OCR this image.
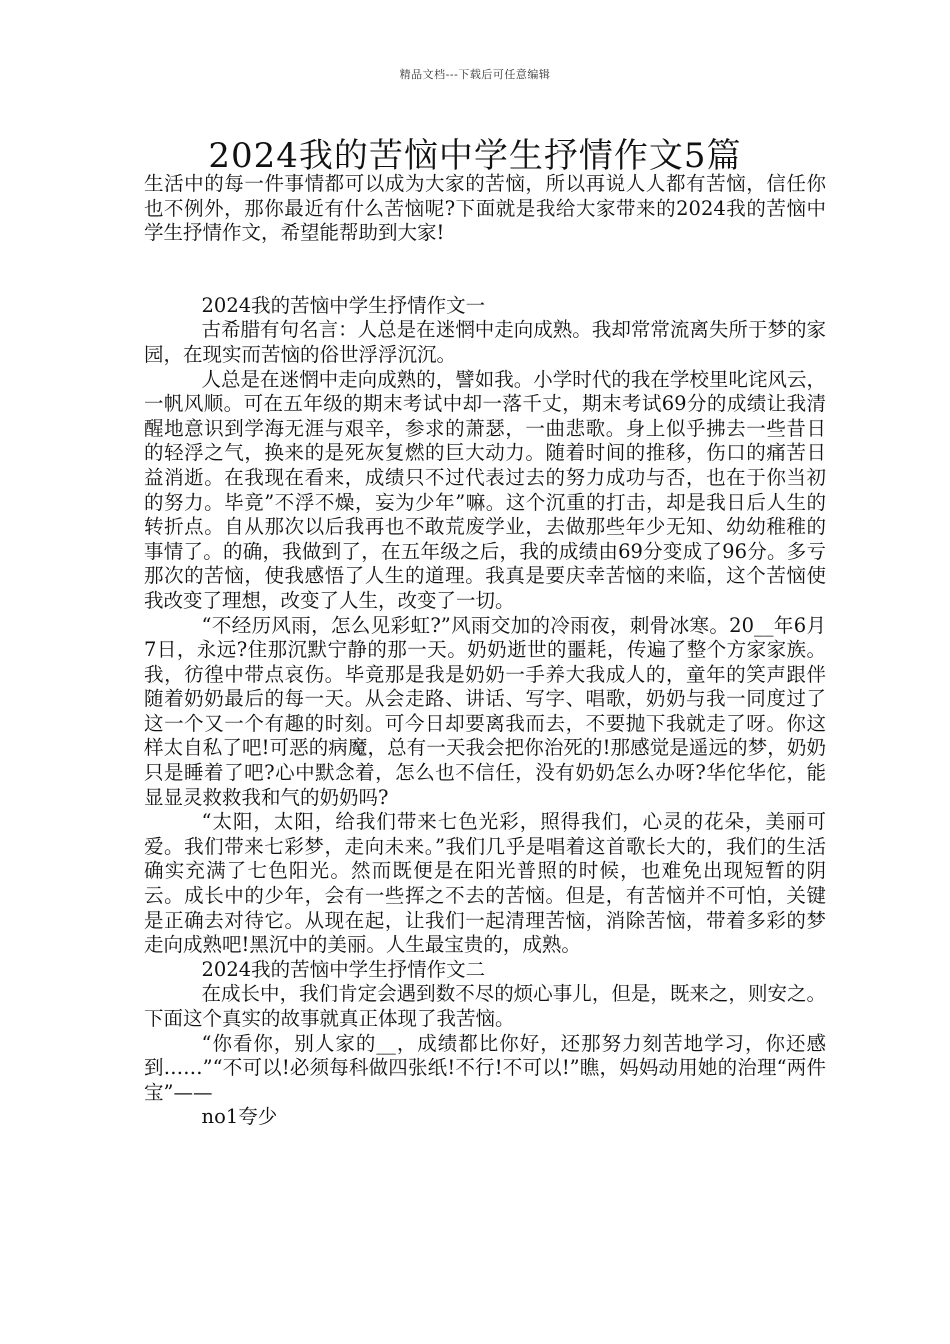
精品文档---下载后可任意编辑
2024我的苦恼中学生抒情作文5篇

生活中的每一件事情都可以成为大家的苦恼，所以再说人人都有苦恼，信任你也不例外，那你最近有什么苦恼呢?下面就是我给大家带来的2024我的苦恼中学生抒情作文，希望能帮助到大家!

2024我的苦恼中学生抒情作文一

古希腊有句名言：人总是在迷惘中走向成熟。我却常常流离失所于梦的家园，在现实而苦恼的俗世浮浮沉沉。

人总是在迷惘中走向成熟的，譬如我。小学时代的我在学校里叱诧风云，一帆风顺。可在五年级的期末考试中却一落千丈，期末考试69分的成绩让我清醒地意识到学海无涯与艰辛，参求的萧瑟，一曲悲歌。身上似乎拂去一些昔日的轻浮之气，换来的是死灰复燃的巨大动力。随着时间的推移，伤口的痛苦日益消逝。在我现在看来，成绩只不过代表过去的努力成功与否，也在于你当初的努力。毕竟”不浮不燥，妄为少年”嘛。这个沉重的打击，却是我日后人生的转折点。自从那次以后我再也不敢荒废学业，去做那些年少无知、幼幼稚稚的事情了。的确，我做到了，在五年级之后，我的成绩由69分变成了96分。多亏那次的苦恼，使我感悟了人生的道理。我真是要庆幸苦恼的来临，这个苦恼使我改变了理想，改变了人生，改变了一切。

“不经历风雨，怎么见彩虹?”风雨交加的冷雨夜，刺骨冰寒。20__年6月7日，永远?住那沉默宁静的那一天。奶奶逝世的噩耗，传遍了整个方家家族。我，彷徨中带点哀伤。毕竟那是我是奶奶一手养大我成人的，童年的笑声跟伴随着奶奶最后的每一天。从会走路、讲话、写字、唱歌，奶奶与我一同度过了这一个又一个有趣的时刻。可今日却要离我而去，不要抛下我就走了呀。你这样太自私了吧!可恶的病魔，总有一天我会把你治死的!那感觉是遥远的梦，奶奶只是睡着了吧?心中默念着，怎么也不信任，没有奶奶怎么办呀?华佗华佗，能显显灵救救我和气的奶奶吗?

“太阳，太阳，给我们带来七色光彩，照得我们，心灵的花朵，美丽可爱。我们带来七彩梦，走向未来。”我们几乎是唱着这首歌长大的，我们的生活确实充满了七色阳光。然而既便是在阳光普照的时候，也难免出现短暂的阴云。成长中的少年，会有一些挥之不去的苦恼。但是，有苦恼并不可怕，关键是正确去对待它。从现在起，让我们一起清理苦恼，消除苦恼，带着多彩的梦走向成熟吧!黑沉中的美丽。人生最宝贵的，成熟。

2024我的苦恼中学生抒情作文二

在成长中，我们肯定会遇到数不尽的烦心事儿，但是，既来之，则安之。下面这个真实的故事就真正体现了我苦恼。

“你看你，别人家的__，成绩都比你好，还那努力刻苦地学习，你还感到……”“不可以!必须每科做四张纸!不行!不可以!”瞧，妈妈动用她的治理“两件宝”——

no1夸少
